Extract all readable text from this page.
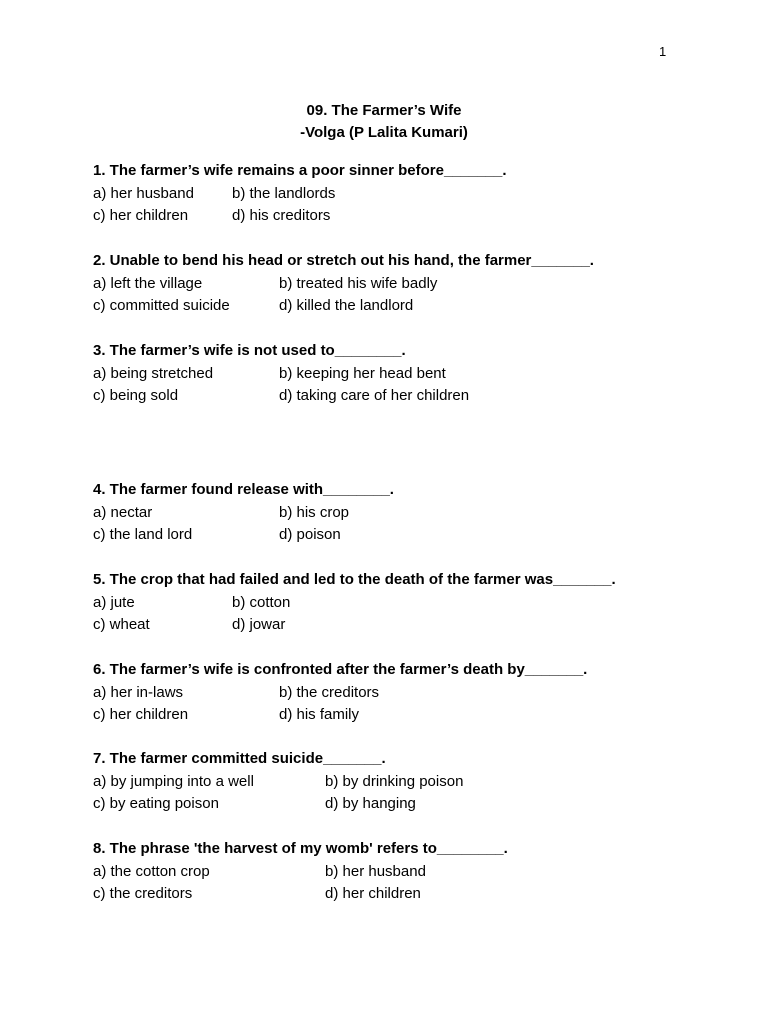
1
09. The Farmer’s Wife
-Volga (P Lalita Kumari)
1. The farmer’s wife remains a poor sinner before_______.
a) her husband	b) the landlords
c) her children	d) his creditors
2. Unable to bend his head or stretch out his hand, the farmer_______.
a) left the village	b) treated his wife badly
c) committed suicide	d) killed the landlord
3. The farmer’s wife is not used to________.
a) being stretched	b) keeping her head bent
c) being sold	d) taking care of her children
4. The farmer found release with________.
a) nectar	b) his crop
c) the land lord	d) poison
5. The crop that had failed and led to the death of the farmer was_______.
a) jute	b) cotton
c) wheat	d) jowar
6. The farmer’s wife is confronted after the farmer’s death by_______.
a) her in-laws	b) the creditors
c) her children	d) his family
7. The farmer committed suicide_______.
a) by jumping into a well	b) by drinking poison
c) by eating poison	d) by hanging
8. The phrase 'the harvest of my womb' refers to________.
a) the cotton crop	b) her husband
c) the creditors	d) her children
